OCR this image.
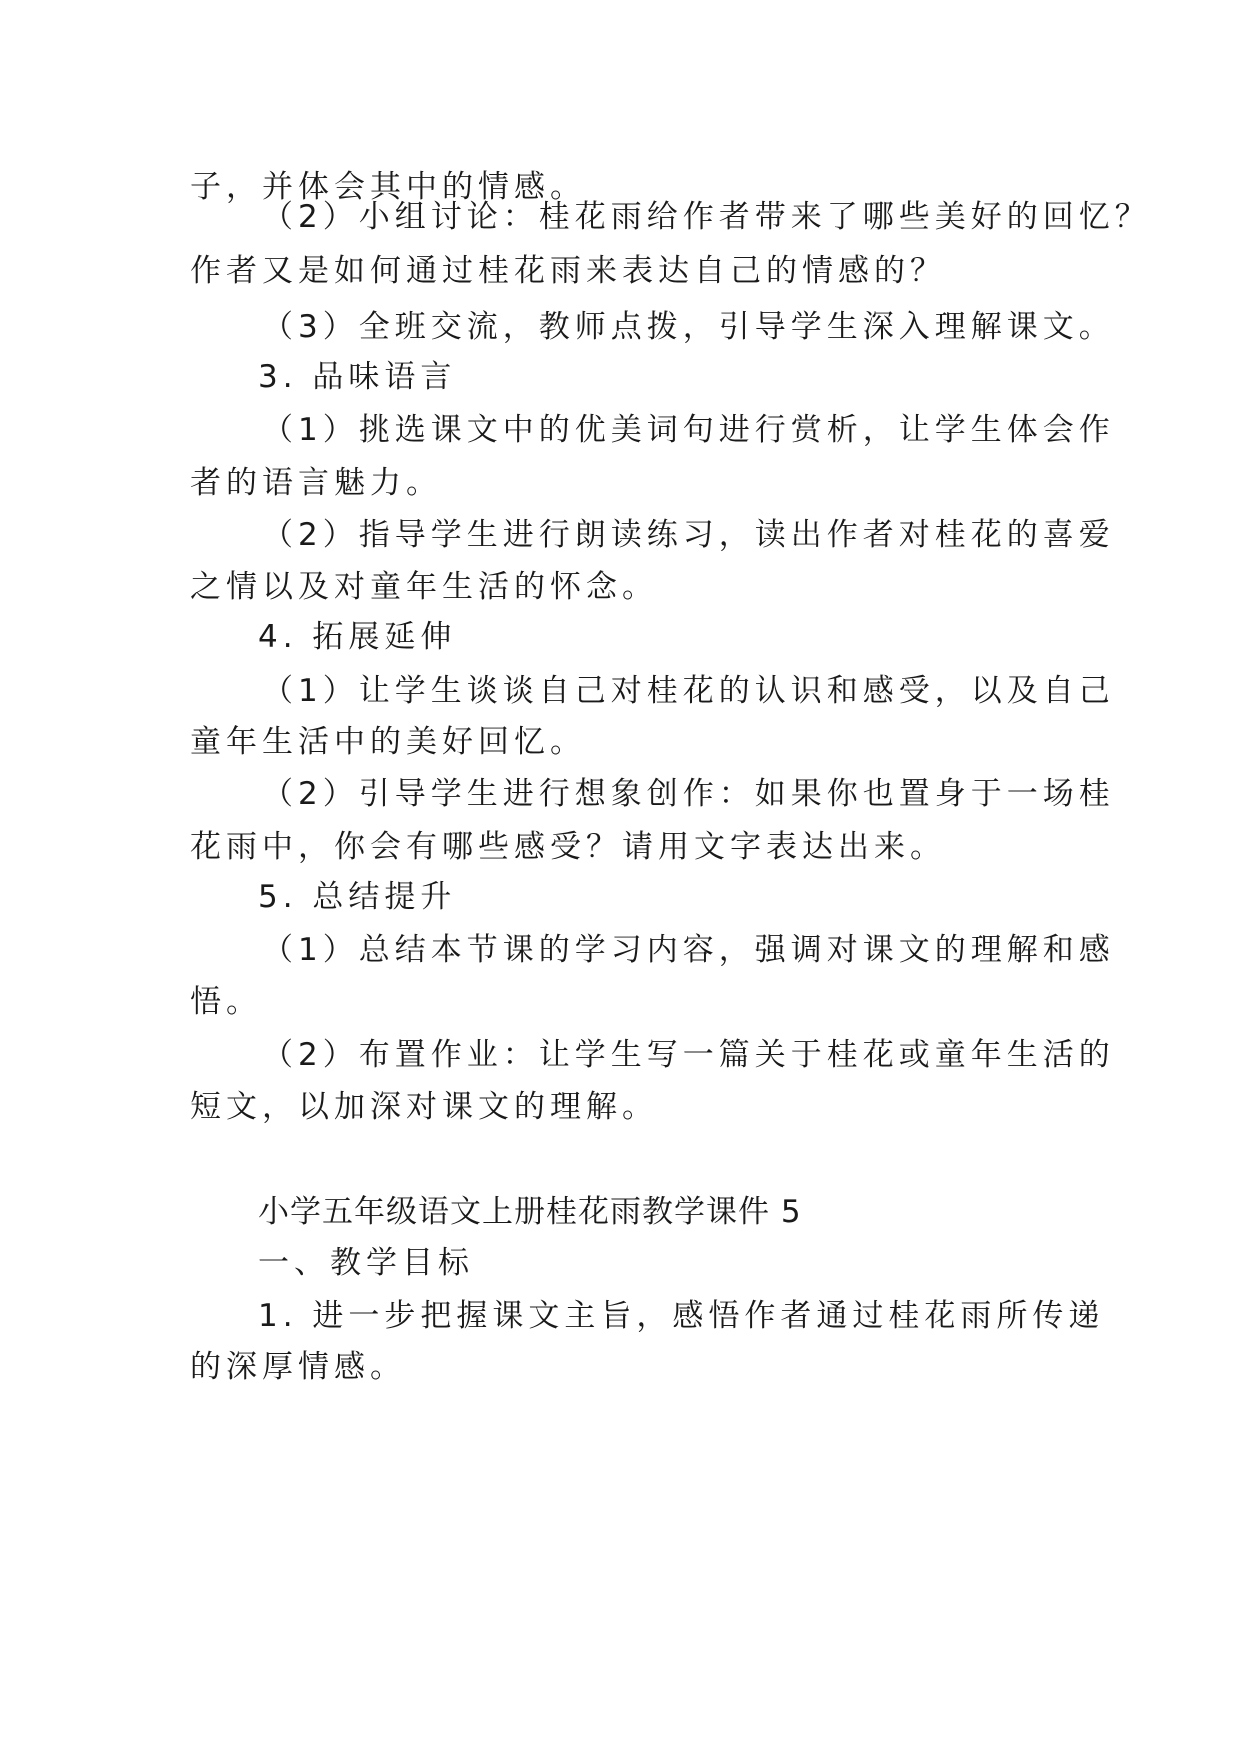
子，并体会其中的情感。

（2）小组讨论：桂花雨给作者带来了哪些美好的回忆？

作者又是如何通过桂花雨来表达自己的情感的？

（3）全班交流，教师点拨，引导学生深入理解课文。

3. 品味语言

（1）挑选课文中的优美词句进行赏析，让学生体会作

者的语言魅力。

（2）指导学生进行朗读练习，读出作者对桂花的喜爱

之情以及对童年生活的怀念。

4. 拓展延伸

（1）让学生谈谈自己对桂花的认识和感受，以及自己

童年生活中的美好回忆。

（2）引导学生进行想象创作：如果你也置身于一场桂

花雨中，你会有哪些感受？请用文字表达出来。

5. 总结提升

（1）总结本节课的学习内容，强调对课文的理解和感

悟。

（2）布置作业：让学生写一篇关于桂花或童年生活的

短文，以加深对课文的理解。

小学五年级语文上册桂花雨教学课件 5

一、教学目标

1. 进一步把握课文主旨，感悟作者通过桂花雨所传递

的深厚情感。
